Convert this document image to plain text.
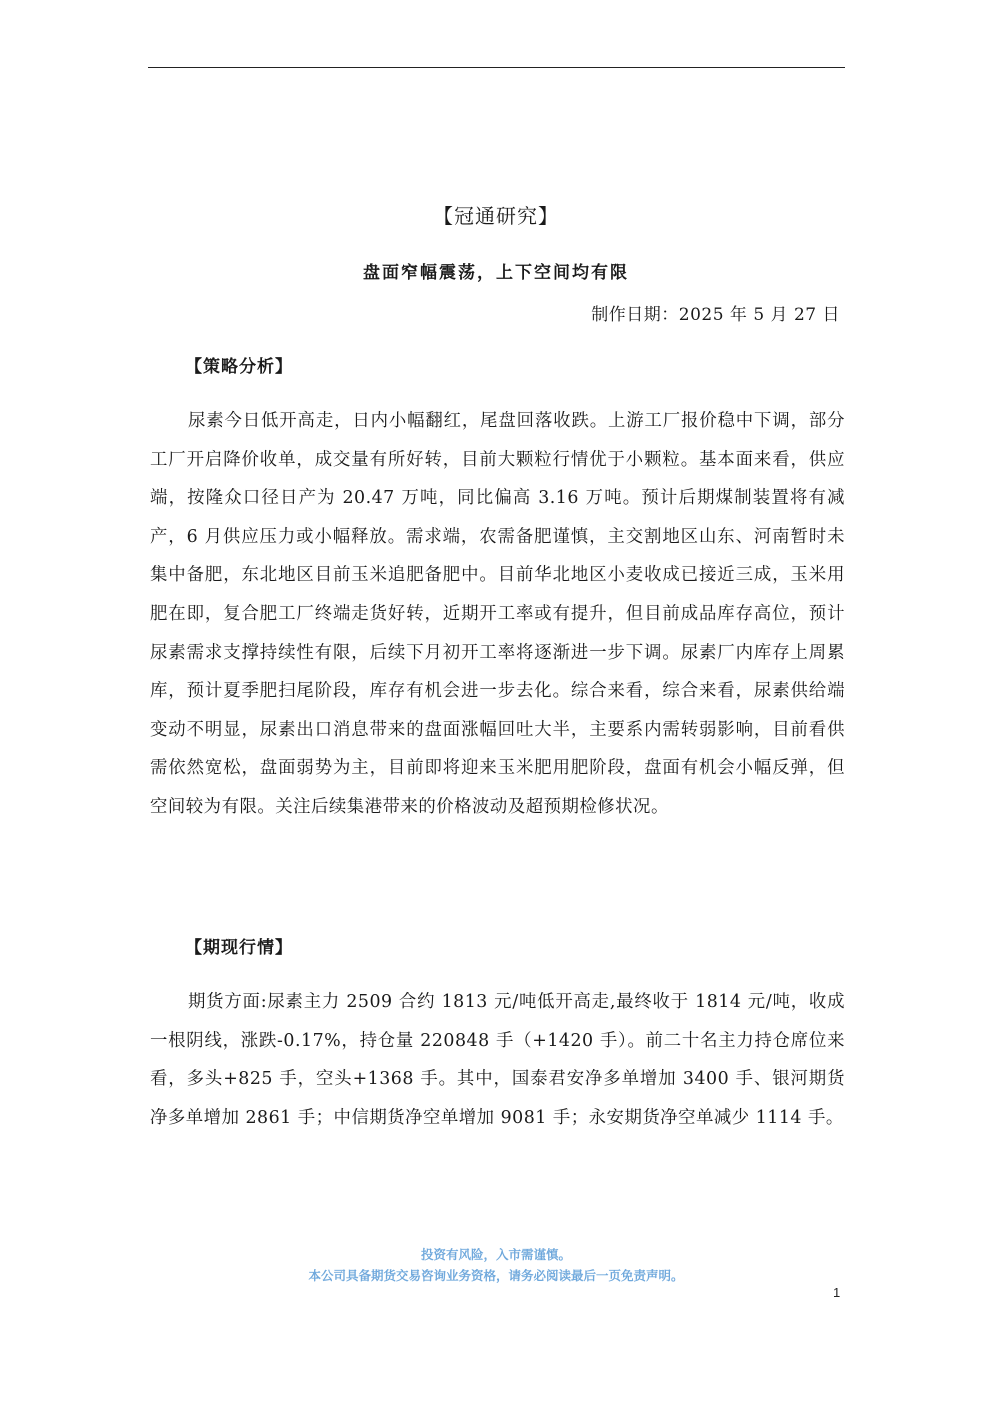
【冠通研究】
盘面窄幅震荡，上下空间均有限
制作日期：2025 年 5 月 27 日
【策略分析】

尿素今日低开高走，日内小幅翻红，尾盘回落收跌。上游工厂报价稳中下调，部分工厂开启降价收单，成交量有所好转，目前大颗粒行情优于小颗粒。基本面来看，供应端，按隆众口径日产为 20.47 万吨，同比偏高 3.16 万吨。预计后期煤制装置将有减产，6 月供应压力或小幅释放。需求端，农需备肥谨慎，主交割地区山东、河南暂时未集中备肥，东北地区目前玉米追肥备肥中。目前华北地区小麦收成已接近三成，玉米用肥在即，复合肥工厂终端走货好转，近期开工率或有提升，但目前成品库存高位，预计尿素需求支撑持续性有限，后续下月初开工率将逐渐进一步下调。尿素厂内库存上周累库，预计夏季肥扫尾阶段，库存有机会进一步去化。综合来看，综合来看，尿素供给端变动不明显，尿素出口消息带来的盘面涨幅回吐大半，主要系内需转弱影响，目前看供需依然宽松，盘面弱势为主，目前即将迎来玉米肥用肥阶段，盘面有机会小幅反弹，但空间较为有限。关注后续集港带来的价格波动及超预期检修状况。

【期现行情】

期货方面:尿素主力 2509 合约 1813 元/吨低开高走,最终收于 1814 元/吨，收成一根阴线，涨跌-0.17%，持仓量 220848 手（+1420 手）。前二十名主力持仓席位来看，多头+825 手，空头+1368 手。其中，国泰君安净多单增加 3400 手、银河期货净多单增加 2861 手；中信期货净空单增加 9081 手；永安期货净空单减少 1114 手。

投资有风险，入市需谨慎。
本公司具备期货交易咨询业务资格，请务必阅读最后一页免责声明。
1
